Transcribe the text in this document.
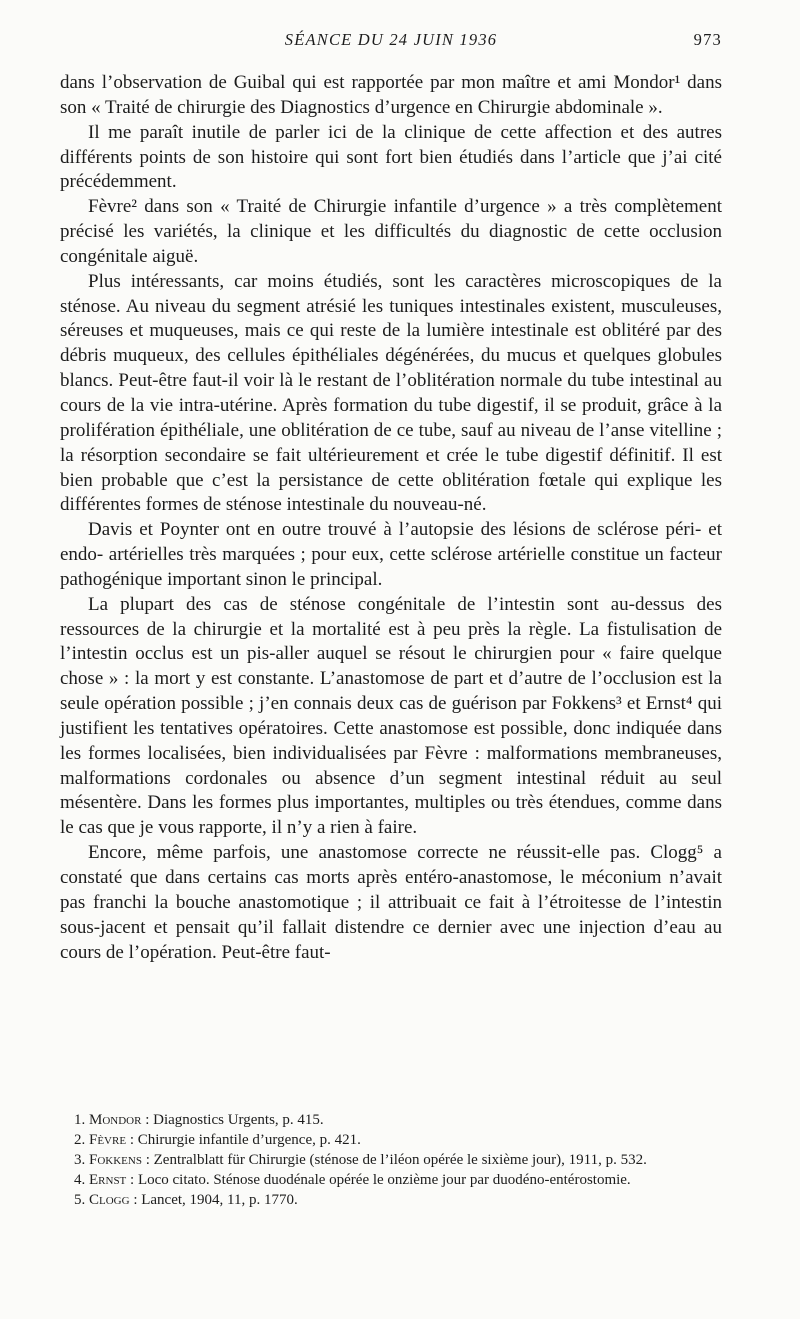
SÉANCE DU 24 JUIN 1936	973

dans l’observation de Guibal qui est rapportée par mon maître et ami Mondor¹ dans son « Traité de chirurgie des Diagnostics d’urgence en Chirurgie abdominale ».

Il me paraît inutile de parler ici de la clinique de cette affection et des autres différents points de son histoire qui sont fort bien étudiés dans l’article que j’ai cité précédemment.

Fèvre² dans son « Traité de Chirurgie infantile d’urgence » a très complètement précisé les variétés, la clinique et les difficultés du diagnostic de cette occlusion congénitale aiguë.

Plus intéressants, car moins étudiés, sont les caractères microscopiques de la sténose. Au niveau du segment atrésié les tuniques intestinales existent, musculeuses, séreuses et muqueuses, mais ce qui reste de la lumière intestinale est oblitéré par des débris muqueux, des cellules épithéliales dégénérées, du mucus et quelques globules blancs. Peut-être faut-il voir là le restant de l’oblitération normale du tube intestinal au cours de la vie intra-utérine. Après formation du tube digestif, il se produit, grâce à la prolifération épithéliale, une oblitération de ce tube, sauf au niveau de l’anse vitelline ; la résorption secondaire se fait ultérieurement et crée le tube digestif définitif. Il est bien probable que c’est la persistance de cette oblitération fœtale qui explique les différentes formes de sténose intestinale du nouveau-né.

Davis et Poynter ont en outre trouvé à l’autopsie des lésions de sclérose péri- et endo- artérielles très marquées ; pour eux, cette sclérose artérielle constitue un facteur pathogénique important sinon le principal.

La plupart des cas de sténose congénitale de l’intestin sont au-dessus des ressources de la chirurgie et la mortalité est à peu près la règle. La fistulisation de l’intestin occlus est un pis-aller auquel se résout le chirurgien pour « faire quelque chose » : la mort y est constante. L’anastomose de part et d’autre de l’occlusion est la seule opération possible ; j’en connais deux cas de guérison par Fokkens³ et Ernst⁴ qui justifient les tentatives opératoires. Cette anastomose est possible, donc indiquée dans les formes localisées, bien individualisées par Fèvre : malformations membraneuses, malformations cordonales ou absence d’un segment intestinal réduit au seul mésentère. Dans les formes plus importantes, multiples ou très étendues, comme dans le cas que je vous rapporte, il n’y a rien à faire.

Encore, même parfois, une anastomose correcte ne réussit-elle pas. Clogg⁵ a constaté que dans certains cas morts après entéro-anastomose, le méconium n’avait pas franchi la bouche anastomotique ; il attribuait ce fait à l’étroitesse de l’intestin sous-jacent et pensait qu’il fallait distendre ce dernier avec une injection d’eau au cours de l’opération. Peut-être faut-

1. Mondor : Diagnostics Urgents, p. 415.
2. Fèvre : Chirurgie infantile d’urgence, p. 421.
3. Fokkens : Zentralblatt für Chirurgie (sténose de l’iléon opérée le sixième jour), 1911, p. 532.
4. Ernst : Loco citato. Sténose duodénale opérée le onzième jour par duodéno-entérostomie.
5. Clogg : Lancet, 1904, 11, p. 1770.
